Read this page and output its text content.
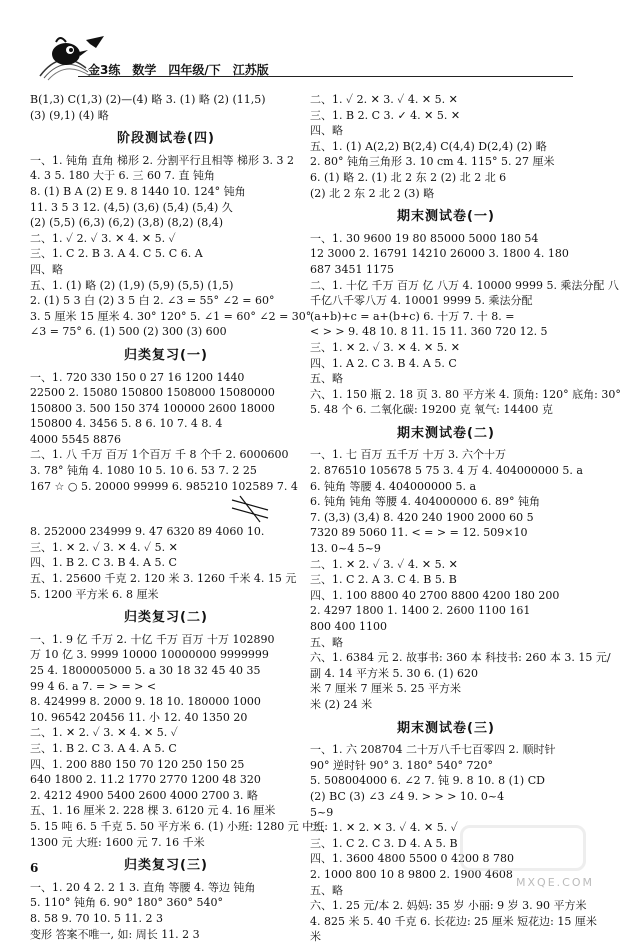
金3练　数学　四年级/下　江苏版
B(1,3) C(1,3) (2)—(4) 略 3. (1) 略 (2) (11,5)
(3) (9,1) (4) 略
阶段测试卷(四)
一、1. 钝角 直角 梯形 2. 分割平行且相等 梯形 3. 3 2
4. 3 5. 180 大于 6. 三 60 7. 直 钝角
8. (1) B A (2) E 9. 8 1440 10. 124° 钝角
11. 3 5 3 12. (4,5) (3,6) (5,4) (5,4) 久
(2) (5,5) (6,3) (6,2) (3,8) (8,2) (8,4)
二、1. ✓ 2. ✓ 3. ✕ 4. ✕ 5. ✓
三、1. C 2. B 3. A 4. C 5. C 6. A
四、略
五、1. (1) 略 (2) (1,9) (5,9) (5,5) (1,5)
2. (1) 5 3 白 (2) 3 5 白 2. ∠3 = 55° ∠2 = 60°
3. 5 厘米 15 厘米 4. 30° 120° 5. ∠1 = 60° ∠2 = 30°
∠3 = 75° 6. (1) 500 (2) 300 (3) 600
归类复习(一)
一、1. 720 330 150 0 27 16 1200 1440
22500 2. 15080 150800 1508000 15080000
150800 3. 500 150 374 100000 2600 18000
150800 4. 3456 5. 8 6. 10 7. 4 8. 4
4000 5545 8876
二、1. 八 千万 百万 1个百万 千 8 个千 2. 6000600
3. 78° 钝角 4. 1080 10 5. 10 6. 53 7. 2 25
167 ☆ ○ 5. 20000 99999 6. 985210 102589 7. 4
8. 252000 234999 9. 47 6320 89 4060 10.
三、1. ✕ 2. ✓ 3. ✕ 4. ✓ 5. ✕
四、1. B 2. C 3. B 4. A 5. C
五、1. 25600 千克 2. 120 米 3. 1260 千米 4. 15 元
5. 1200 平方米 6. 8 厘米
归类复习(二)
一、1. 9 亿 千万 2. 十亿 千万 百万 十万 102890
万 10 亿 3. 9999 10000 10000000 9999999
25 4. 1800005000 5. a 30 18 32 45 40 35
99 4 6. a 7. = > = > <
8. 424999 8. 2000 9. 18 10. 180000 1000
10. 96542 20456 11. 小 12. 40 1350 20
二、1. ✕ 2. ✓ 3. ✕ 4. ✕ 5. ✓
三、1. B 2. C 3. A 4. A 5. C
四、1. 200 880 150 70 120 250 150 25
640 1800 2. 11.2 1770 2770 1200 48 320
2. 4212 4900 5400 2600 4000 2700 3. 略
五、1. 16 厘米 2. 228 棵 3. 6120 元 4. 16 厘米
5. 15 吨 6. 5 千克 5. 50 平方米 6. (1) 小班: 1280 元 中班:
1300 元 大班: 1600 元 7. 16 千米
归类复习(三)
一、1. 20 4 2. 2 1 3. 直角 等腰 4. 等边 钝角
5. 110° 钝角 6. 90° 180° 360° 540°
8. 58 9. 70 10. 5 11. 2 3
变形 答案不唯一, 如: 周长 11. 2 3
二、1. ✓ 2. ✕ 3. ✓ 4. ✕ 5. ✕
三、1. B 2. C 3. ✓ 4. ✕ 5. ✕
四、略
五、1. (1) A(2,2) B(2,4) C(4,4) D(2,4) (2) 略
2. 80° 钝角三角形 3. 10 cm 4. 115° 5. 27 厘米
6. (1) 略 2. (1) 北 2 东 2 (2) 北 2 北 6
(2) 北 2 东 2 北 2 (3) 略
期末测试卷(一)
一、1. 30 9600 19 80 85000 5000 180 54
12 3000 2. 16791 14210 26000 3. 1800 4. 180
687 3451 1175
二、1. 十亿 千万 百万 亿 八万 4. 10000 9999 5. 乘法分配 八
千亿八千零八万 4. 10001 9999 5. 乘法分配
(a+b)+c = a+(b+c) 6. 十万 7. 十 8. =
< > > 9. 48 10. 8 11. 15 11. 360 720 12. 5
三、1. ✕ 2. ✓ 3. ✕ 4. ✕ 5. ✕
四、1. A 2. C 3. B 4. A 5. C
五、略
六、1. 150 瓶 2. 18 页 3. 80 平方米 4. 顶角: 120° 底角: 30°
5. 48 个 6. 二氧化碳: 19200 克 氧气: 14400 克
期末测试卷(二)
一、1. 七 百万 五千万 十万 3. 六个十万
2. 876510 105678 5 75 3. 4 万 4. 404000000 5. a
6. 钝角 等腰 4. 404000000 5. a
6. 钝角 钝角 等腰 4. 404000000 6. 89° 钝角
7. (3,3) (3,4) 8. 420 240 1900 2000 60 5
7320 89 5060 11. < = > = 12. 509×10
13. 0~4 5~9
二、1. ✕ 2. ✓ 3. ✓ 4. ✕ 5. ✕
三、1. C 2. A 3. C 4. B 5. B
四、1. 100 8800 40 2700 8800 4200 180 200
2. 4297 1800 1. 1400 2. 2600 1100 161
800 400 1100
五、略
六、1. 6384 元 2. 故事书: 360 本 科技书: 260 本 3. 15 元/
副 4. 14 平方米 5. 30 6. (1) 620
米 7 厘米 7 厘米 5. 25 平方米
米 (2) 24 米
期末测试卷(三)
一、1. 六 208704 二十万八千七百零四 2. 顺时针
90° 逆时针 90° 3. 180° 540° 720°
5. 508004000 6. ∠2 7. 钝 9. 8 10. 8 (1) CD
(2) BC (3) ∠3 ∠4 9. > > > 10. 0~4
5~9
二、1. ✕ 2. ✕ 3. ✓ 4. ✕ 5. ✓
三、1. C 2. C 3. D 4. A 5. B
四、1. 3600 4800 5500 0 4200 8 780
2. 1000 800 10 8 9800 2. 1900 4608
五、略
六、1. 25 元/本 2. 妈妈: 35 岁 小丽: 9 岁 3. 90 平方米
4. 825 米 5. 40 千克 6. 长花边: 25 厘米 短花边: 15 厘米
米
6
MXQE.COM
